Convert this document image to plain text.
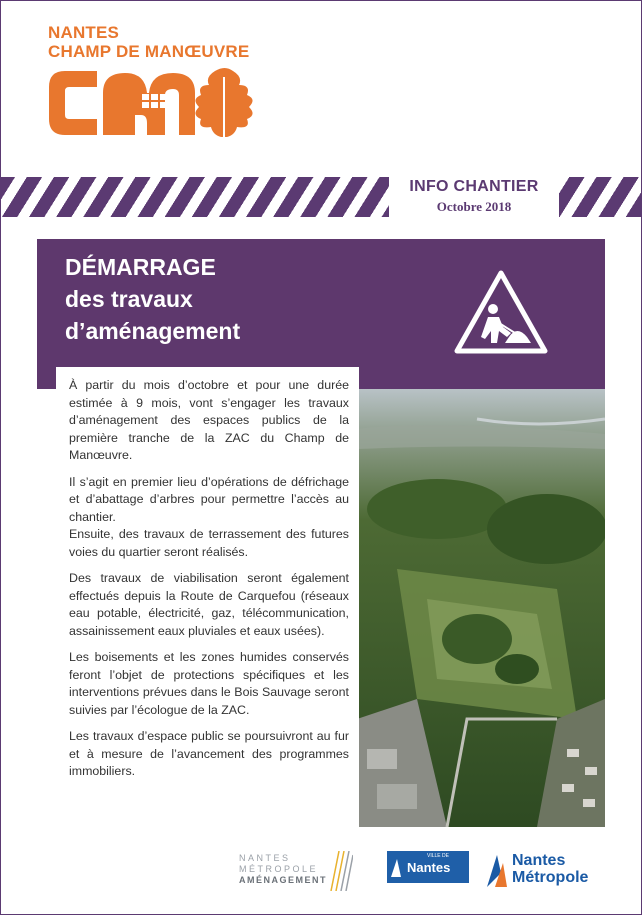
NANTES
CHAMP DE MANŒUVRE
INFO CHANTIER
Octobre 2018
DÉMARRAGE
des travaux
d’aménagement

À partir du mois d’octobre et pour une durée estimée à 9 mois, vont s’engager les travaux d’aménagement des espaces publics de la première tranche de la ZAC du Champ de Manœuvre.

Il s’agit en premier lieu d’opérations de défrichage et d’abattage d’arbres pour permettre l’accès au chantier.

Ensuite, des travaux de terrassement des futures voies du quartier seront réalisés.

Des travaux de viabilisation seront également effectués depuis la Route de Carquefou (réseaux eau potable, électricité, gaz, télécommunication, assainissement eaux pluviales et eaux usées).

Les boisements et les zones humides conservés feront l’objet de protections spécifiques et les interventions prévues dans le Bois Sauvage seront suivies par l’écologue de la ZAC.

Les travaux d’espace public se poursuivront au fur et à mesure de l’avancement des programmes immobiliers.

NANTES
MÉTROPOLE
AMÉNAGEMENT
VILLE DE
Nantes	Nantes
Métropole
